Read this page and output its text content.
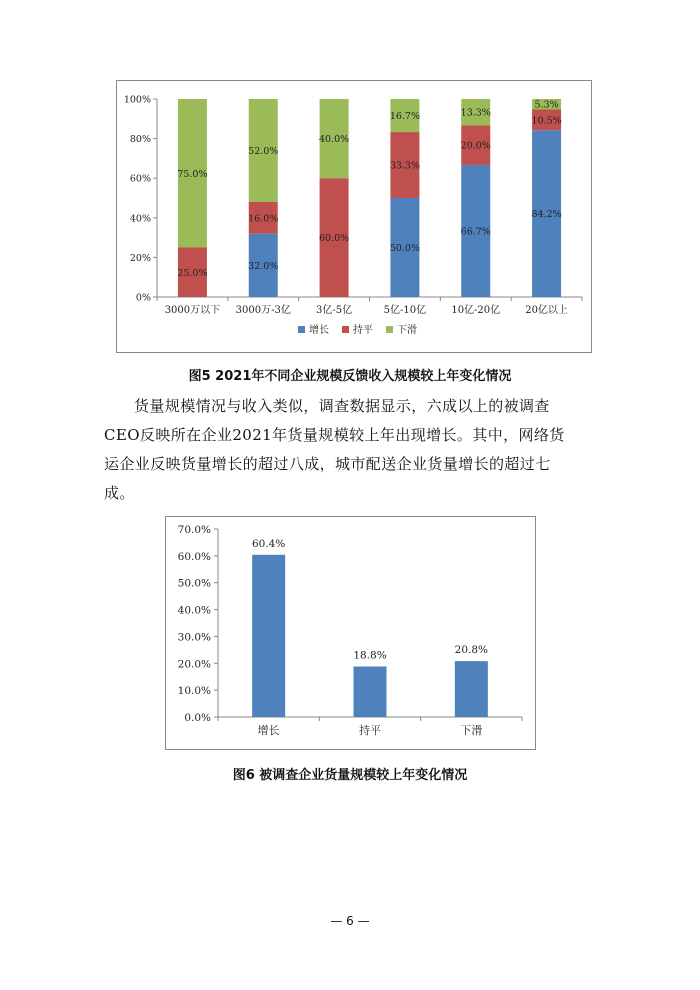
0%
20%
40%
60%
80%
100%
25.0%
75.0%
3000万以下
32.0%
16.0%
52.0%
3000万-3亿
60.0%
40.0%
3亿-5亿
50.0%
33.3%
16.7%
5亿-10亿
66.7%
20.0%
13.3%
10亿-20亿
84.2%
10.5%
5.3%
20亿以上
增长 持平 下滑
图5 2021年不同企业规模反馈收入规模较上年变化情况
货量规模情况与收入类似，调查数据显示，六成以上的被调查
CEO反映所在企业2021年货量规模较上年出现增长。其中，网络货
运企业反映货量增长的超过八成，城市配送企业货量增长的超过七
成。
0.0%
10.0%
20.0%
30.0%
40.0%
50.0%
60.0%
70.0%
60.4%
增长
18.8%
持平
20.8%
下滑
图6 被调查企业货量规模较上年变化情况
— 6 —
